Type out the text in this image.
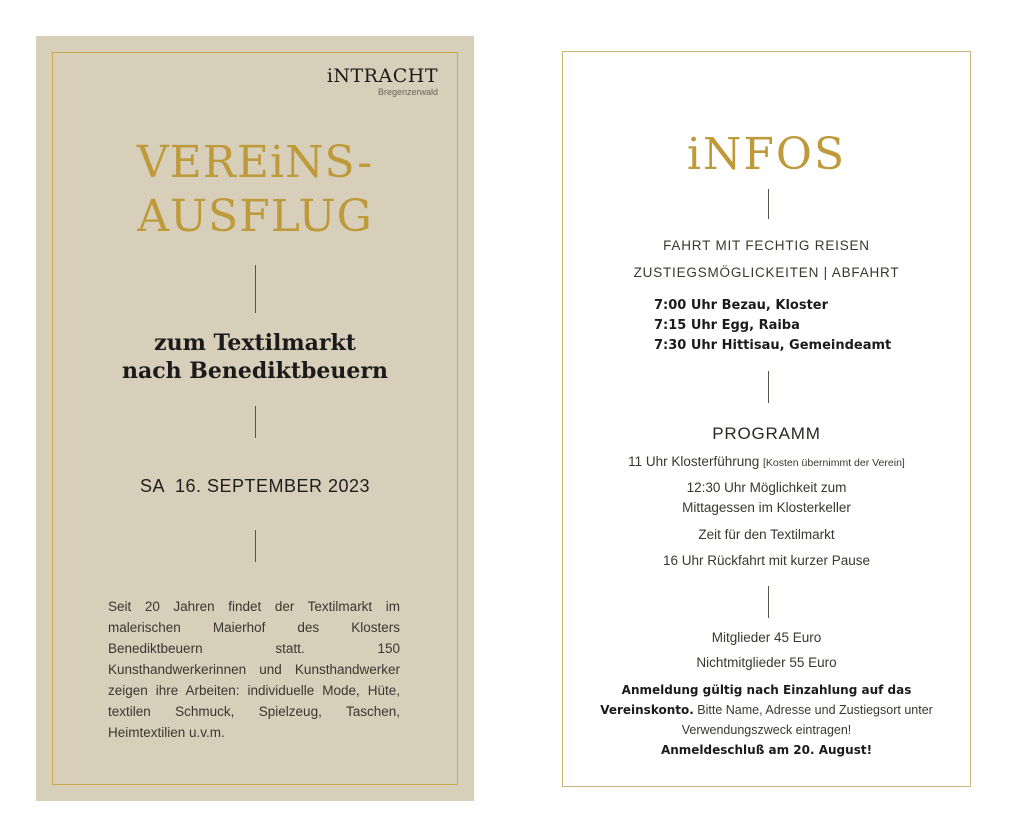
iNTRACHT
Bregenzerwald
VEREiNS-
AUSFLUG
zum Textilmarkt
nach Benediktbeuern
SA  16. SEPTEMBER 2023

Seit 20 Jahren findet der Textilmarkt im malerischen Maierhof des Klosters Benediktbeuern statt. 150 Kunsthandwerkerinnen und Kunsthandwerker zeigen ihre Arbeiten: individuelle Mode, Hüte, textilen Schmuck, Spielzeug, Taschen, Heimtextilien u.v.m.

iNFOS
FAHRT MIT FECHTIG REISEN
ZUSTIEGSMÖGLICKEITEN | ABFAHRT
7:00 Uhr Bezau, Kloster
7:15 Uhr Egg, Raiba
7:30 Uhr Hittisau, Gemeindeamt
PROGRAMM
11 Uhr Klosterführung [Kosten übernimmt der Verein]
12:30 Uhr Möglichkeit zum
Mittagessen im Klosterkeller
Zeit für den Textilmarkt
16 Uhr Rückfahrt mit kurzer Pause
Mitglieder 45 Euro
Nichtmitglieder 55 Euro

Anmeldung gültig nach Einzahlung auf das Vereinskonto. Bitte Name, Adresse und Zustiegsort unter Verwendungszweck eintragen!
Anmeldeschluß am 20. August!
